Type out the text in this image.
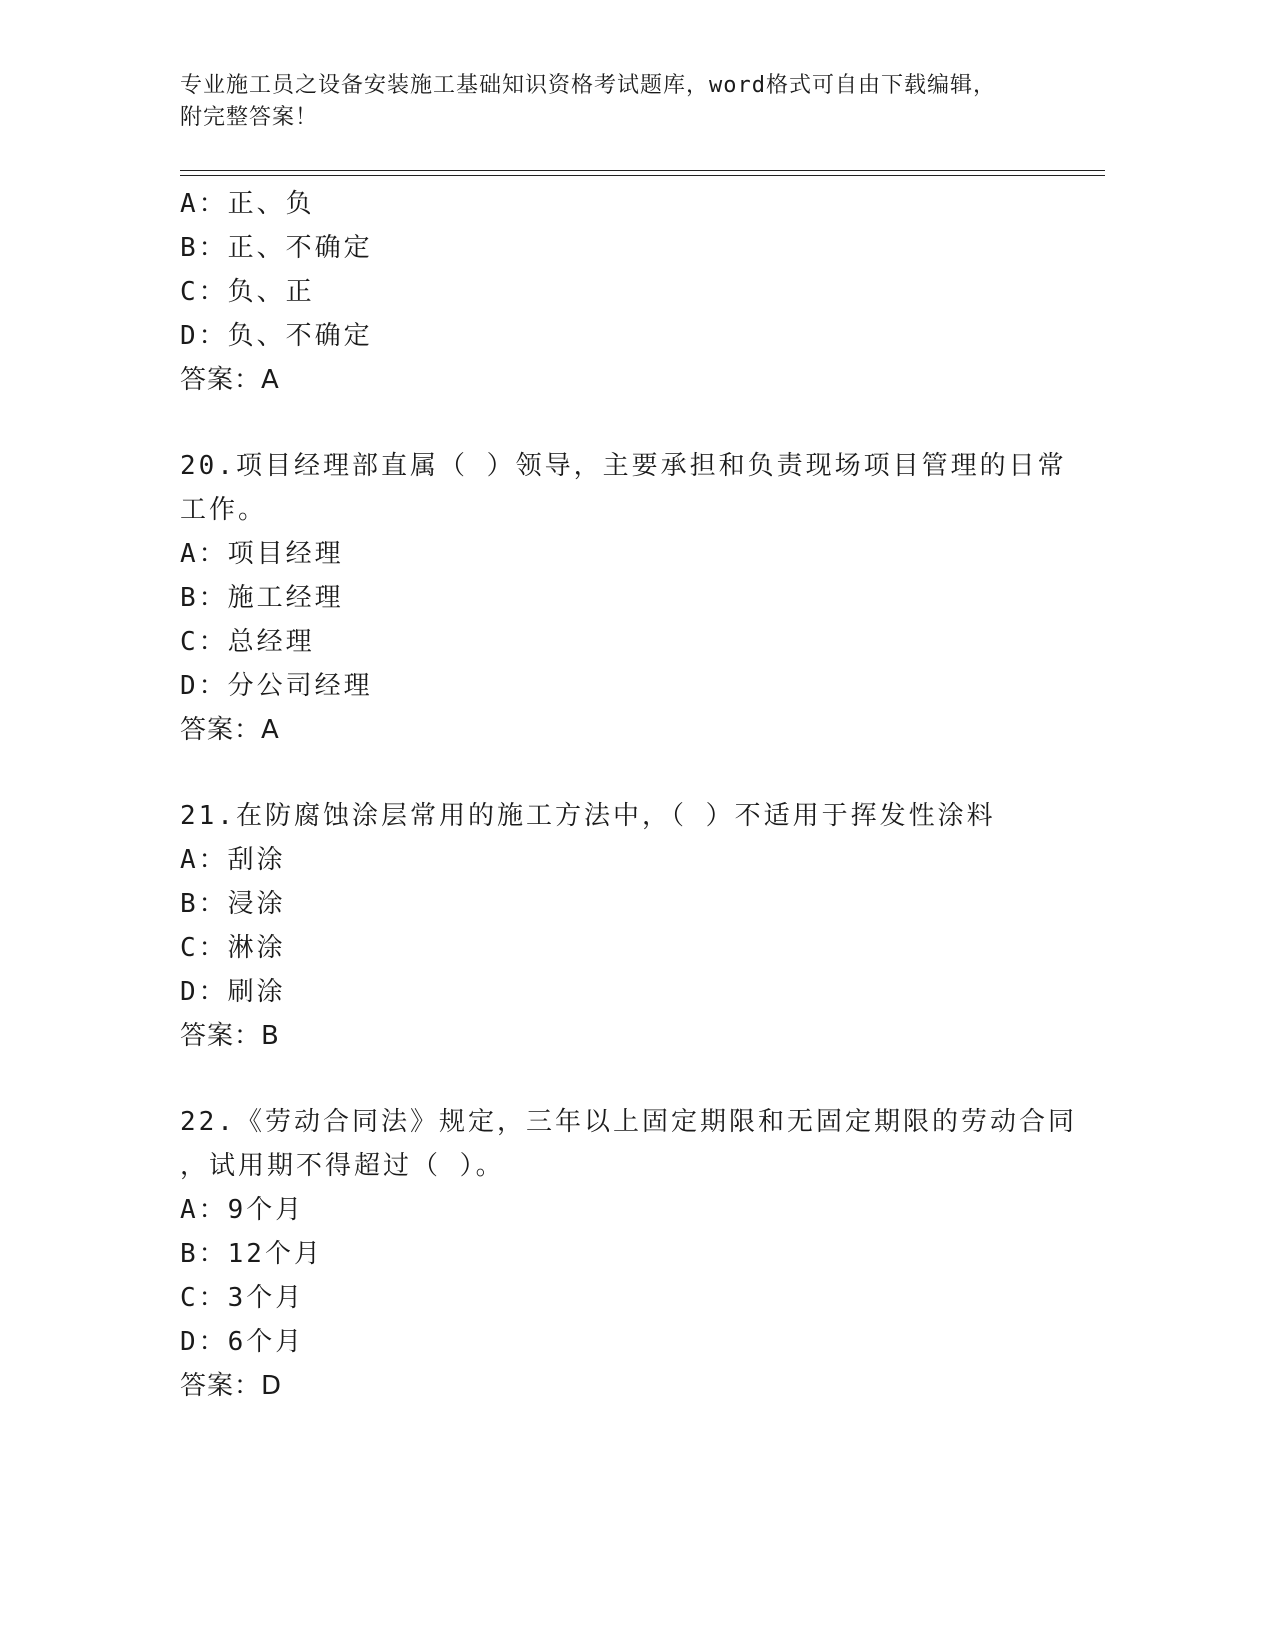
专业施工员之设备安装施工基础知识资格考试题库，word格式可自由下载编辑，

附完整答案！

A：正、负

B：正、不确定

C：负、正

D：负、不确定

答案：A

20.项目经理部直属（ ）领导，主要承担和负责现场项目管理的日常

工作。

A：项目经理

B：施工经理

C：总经理

D：分公司经理

答案：A

21.在防腐蚀涂层常用的施工方法中，（ ）不适用于挥发性涂料

A：刮涂

B：浸涂

C：淋涂

D：刷涂

答案：B

22.《劳动合同法》规定，三年以上固定期限和无固定期限的劳动合同

，试用期不得超过（ ）。

A：9个月

B：12个月

C：3个月

D：6个月

答案：D
